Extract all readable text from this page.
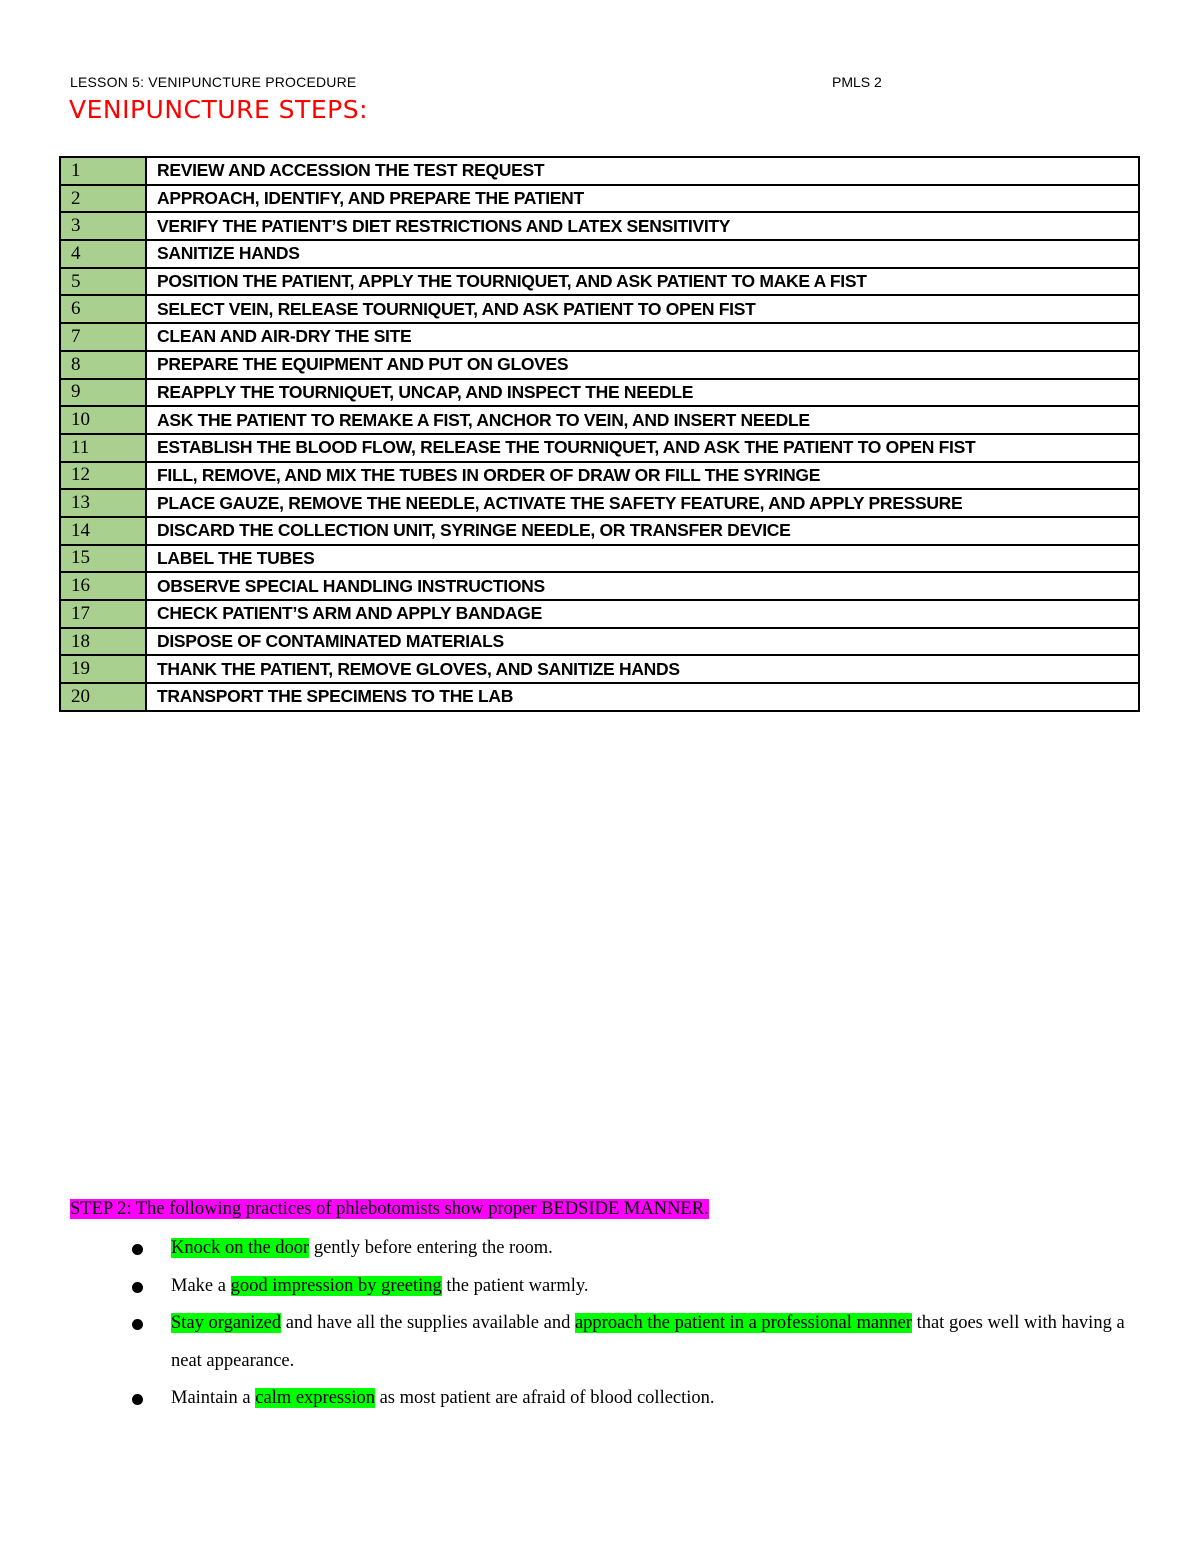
LESSON 5: VENIPUNCTURE PROCEDURE	PMLS 2
VENIPUNCTURE STEPS:
1	REVIEW AND ACCESSION THE TEST REQUEST
2	APPROACH, IDENTIFY, AND PREPARE THE PATIENT
3	VERIFY THE PATIENT’S DIET RESTRICTIONS AND LATEX SENSITIVITY
4	SANITIZE HANDS
5	POSITION THE PATIENT, APPLY THE TOURNIQUET, AND ASK PATIENT TO MAKE A FIST
6	SELECT VEIN, RELEASE TOURNIQUET, AND ASK PATIENT TO OPEN FIST
7	CLEAN AND AIR-DRY THE SITE
8	PREPARE THE EQUIPMENT AND PUT ON GLOVES
9	REAPPLY THE TOURNIQUET, UNCAP, AND INSPECT THE NEEDLE
10	ASK THE PATIENT TO REMAKE A FIST, ANCHOR TO VEIN, AND INSERT NEEDLE
11	ESTABLISH THE BLOOD FLOW, RELEASE THE TOURNIQUET, AND ASK THE PATIENT TO OPEN FIST
12	FILL, REMOVE, AND MIX THE TUBES IN ORDER OF DRAW OR FILL THE SYRINGE
13	PLACE GAUZE, REMOVE THE NEEDLE, ACTIVATE THE SAFETY FEATURE, AND APPLY PRESSURE
14	DISCARD THE COLLECTION UNIT, SYRINGE NEEDLE, OR TRANSFER DEVICE
15	LABEL THE TUBES
16	OBSERVE SPECIAL HANDLING INSTRUCTIONS
17	CHECK PATIENT’S ARM AND APPLY BANDAGE
18	DISPOSE OF CONTAMINATED MATERIALS
19	THANK THE PATIENT, REMOVE GLOVES, AND SANITIZE HANDS
20	TRANSPORT THE SPECIMENS TO THE LAB
STEP 2: The following practices of phlebotomists show proper BEDSIDE MANNER.
Knock on the door gently before entering the room.
Make a good impression by greeting the patient warmly.
Stay organized and have all the supplies available and approach the patient in a professional manner that goes well with having a neat appearance.
Maintain a calm expression as most patient are afraid of blood collection.
